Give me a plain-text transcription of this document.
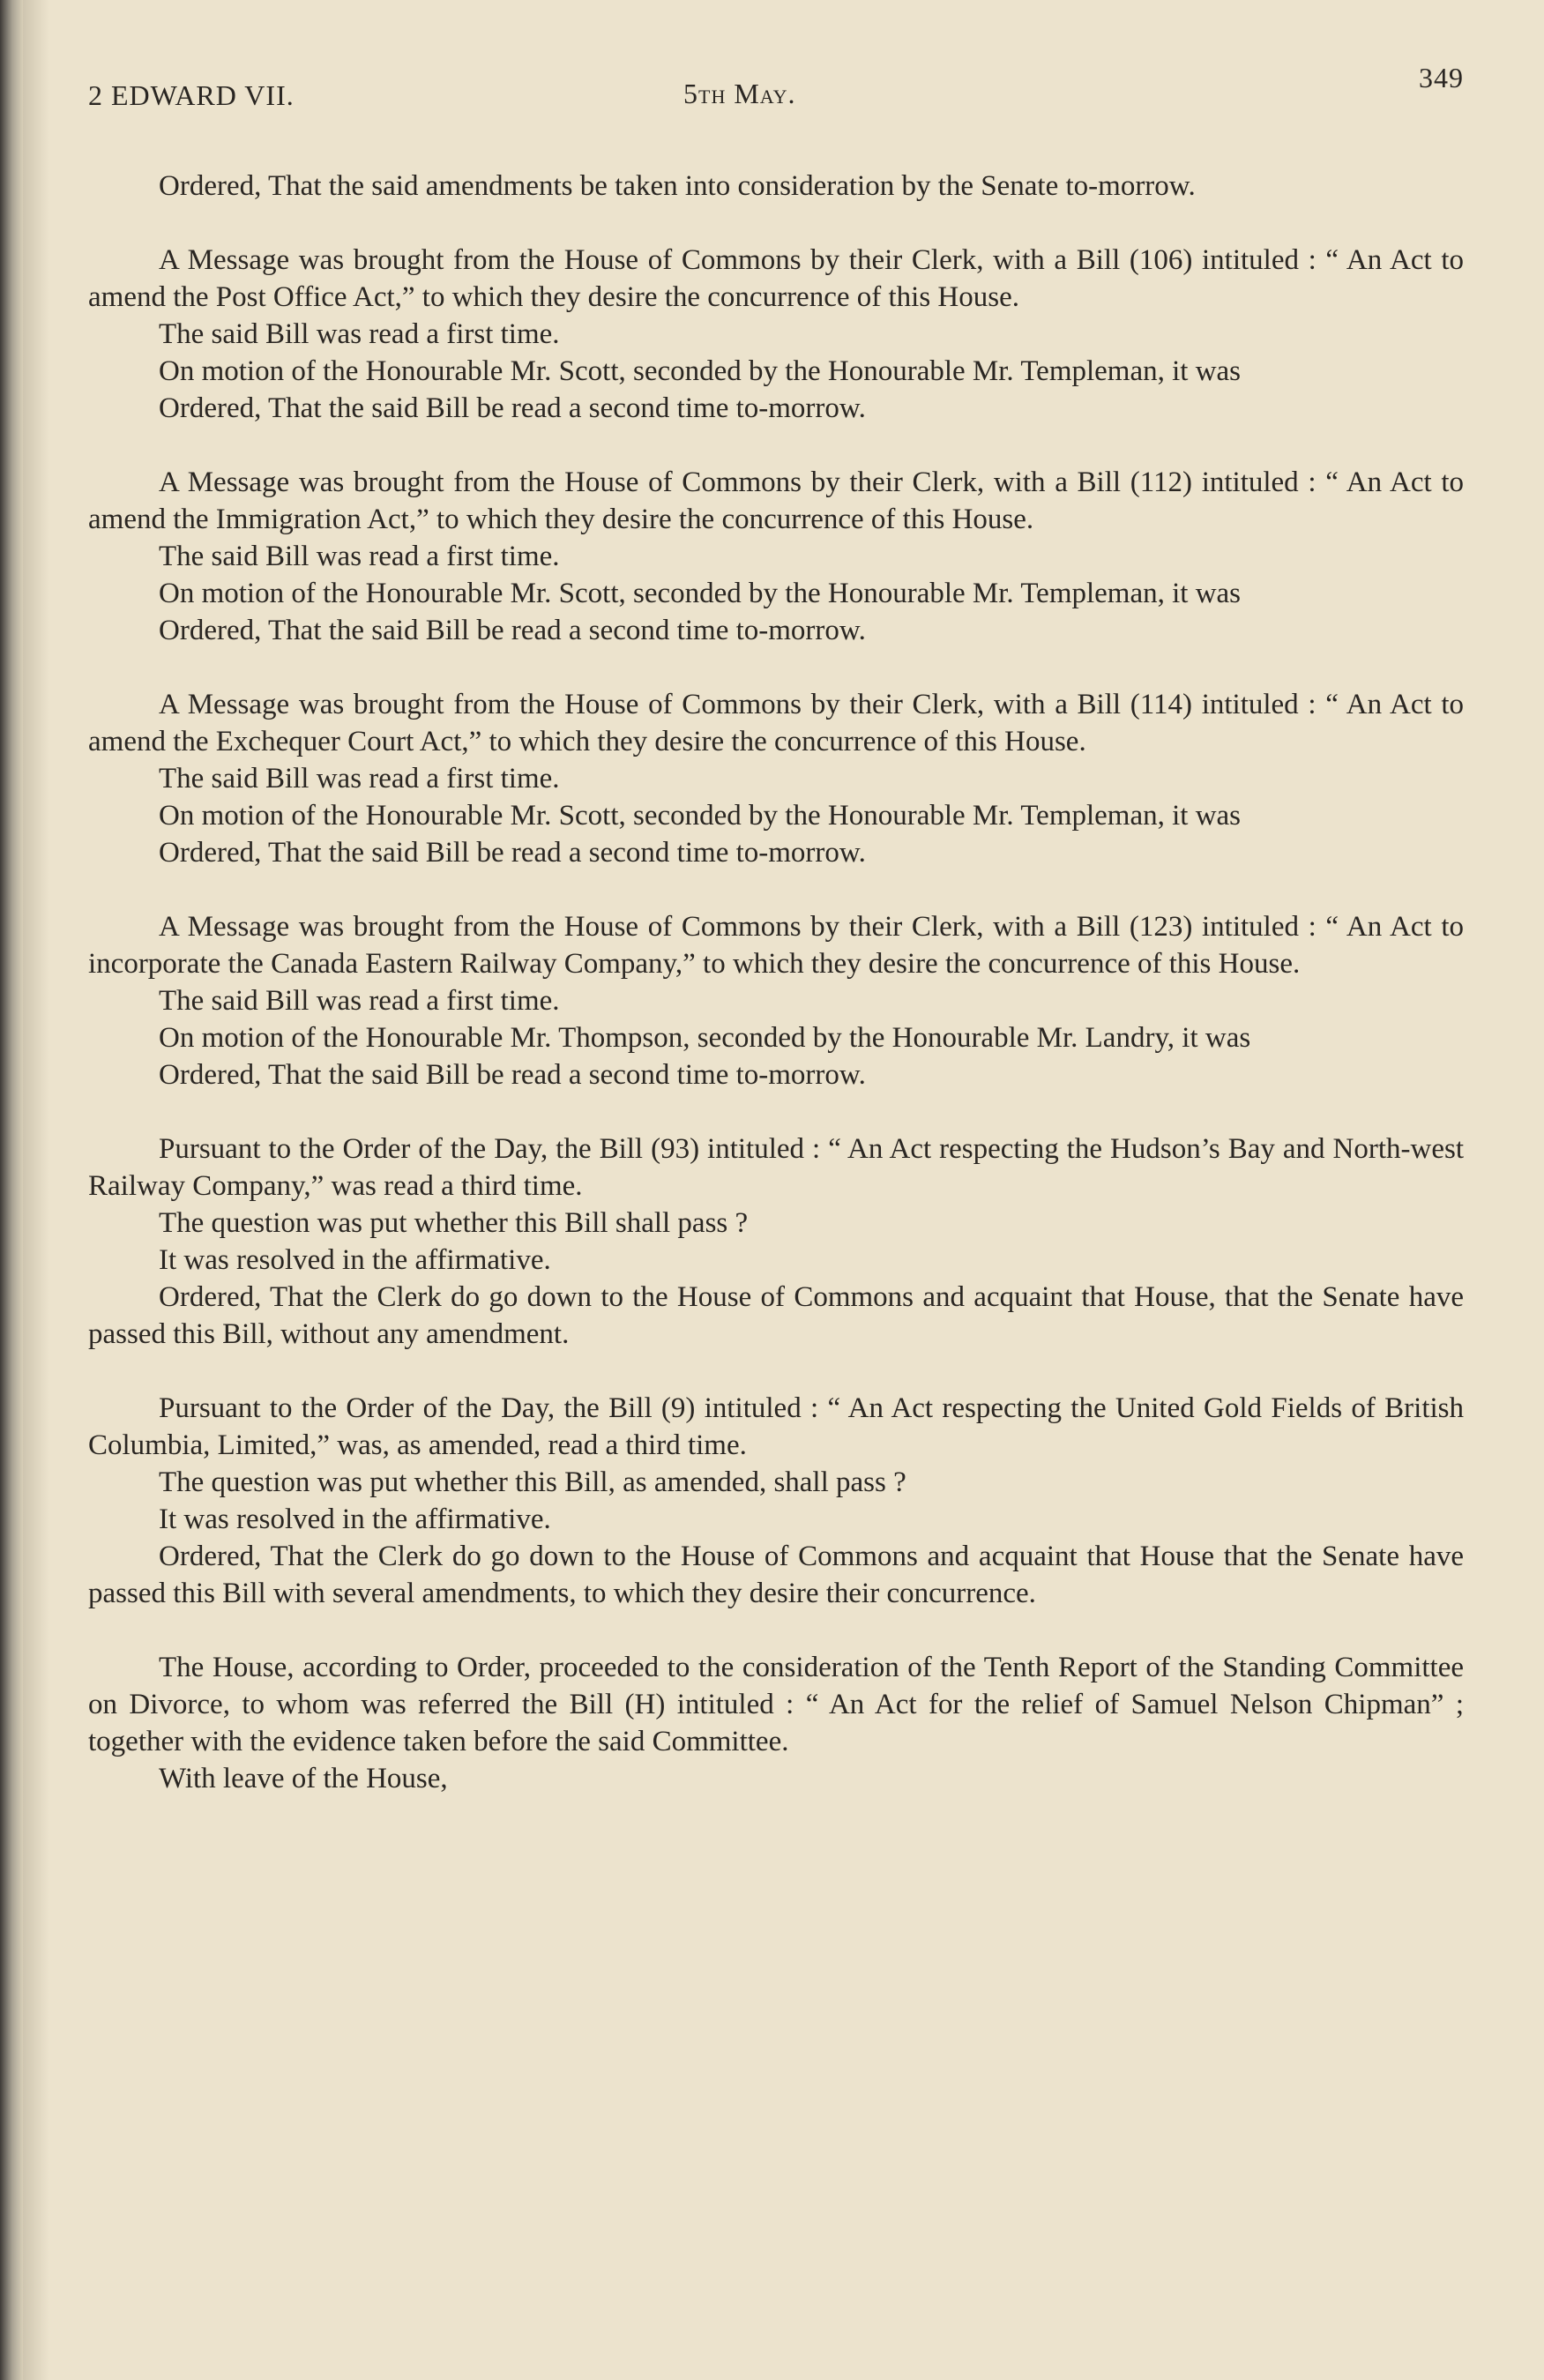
2 EDWARD VII.	5th May.	349

Ordered, That the said amendments be taken into consideration by the Senate to-morrow.

A Message was brought from the House of Commons by their Clerk, with a Bill (106) intituled : “ An Act to amend the Post Office Act,” to which they desire the concurrence of this House.

The said Bill was read a first time.

On motion of the Honourable Mr. Scott, seconded by the Honourable Mr. Templeman, it was

Ordered, That the said Bill be read a second time to-morrow.

A Message was brought from the House of Commons by their Clerk, with a Bill (112) intituled : “ An Act to amend the Immigration Act,” to which they desire the concurrence of this House.

The said Bill was read a first time.

On motion of the Honourable Mr. Scott, seconded by the Honourable Mr. Templeman, it was

Ordered, That the said Bill be read a second time to-morrow.

A Message was brought from the House of Commons by their Clerk, with a Bill (114) intituled : “ An Act to amend the Exchequer Court Act,” to which they desire the concurrence of this House.

The said Bill was read a first time.

On motion of the Honourable Mr. Scott, seconded by the Honourable Mr. Templeman, it was

Ordered, That the said Bill be read a second time to-morrow.

A Message was brought from the House of Commons by their Clerk, with a Bill (123) intituled : “ An Act to incorporate the Canada Eastern Railway Company,” to which they desire the concurrence of this House.

The said Bill was read a first time.

On motion of the Honourable Mr. Thompson, seconded by the Honourable Mr. Landry, it was

Ordered, That the said Bill be read a second time to-morrow.

Pursuant to the Order of the Day, the Bill (93) intituled : “ An Act respecting the Hudson’s Bay and North-west Railway Company,” was read a third time.

The question was put whether this Bill shall pass ?

It was resolved in the affirmative.

Ordered, That the Clerk do go down to the House of Commons and acquaint that House, that the Senate have passed this Bill, without any amendment.

Pursuant to the Order of the Day, the Bill (9) intituled : “ An Act respecting the United Gold Fields of British Columbia, Limited,” was, as amended, read a third time.

The question was put whether this Bill, as amended, shall pass ?

It was resolved in the affirmative.

Ordered, That the Clerk do go down to the House of Commons and acquaint that House that the Senate have passed this Bill with several amendments, to which they desire their concurrence.

The House, according to Order, proceeded to the consideration of the Tenth Report of the Standing Committee on Divorce, to whom was referred the Bill (H) intituled : “ An Act for the relief of Samuel Nelson Chipman” ; together with the evidence taken before the said Committee.

With leave of the House,
